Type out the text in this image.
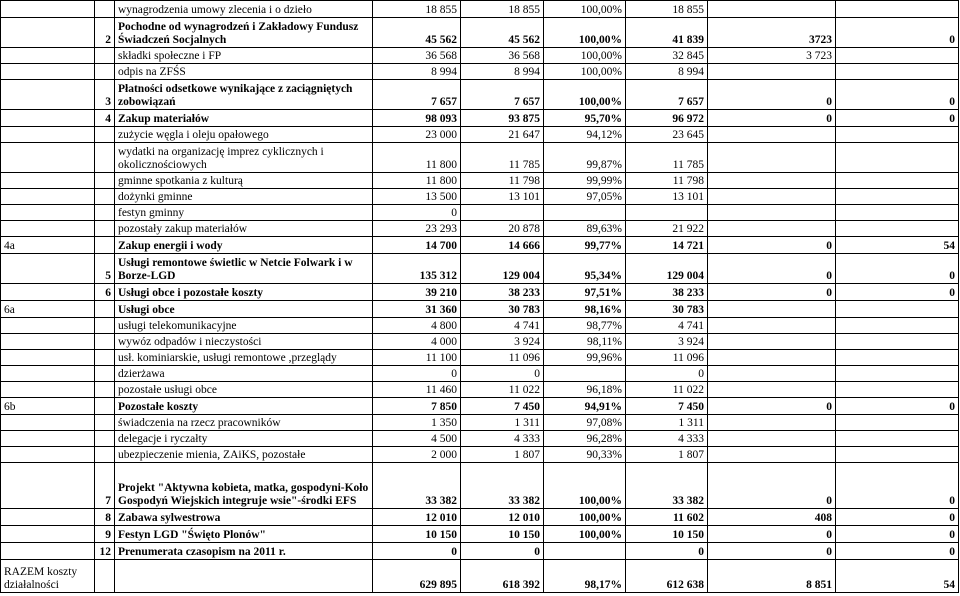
		wynagrodzenia umowy zlecenia i o dzieło	18 855	18 855	100,00%	18 855		
	2	Pochodne od wynagrodzeń i Zakładowy Fundusz Świadczeń Socjalnych	45 562	45 562	100,00%	41 839	3723	0
		składki społeczne i FP	36 568	36 568	100,00%	32 845	3 723	
		odpis na ZFŚS	8 994	8 994	100,00%	8 994		
	3	Płatności odsetkowe wynikające z zaciągniętych zobowiązań	7 657	7 657	100,00%	7 657	0	0
	4	Zakup materiałów	98 093	93 875	95,70%	96 972	0	0
		zużycie węgla i oleju opałowego	23 000	21 647	94,12%	23 645		
		wydatki na organizację imprez cyklicznych i okolicznościowych	11 800	11 785	99,87%	11 785		
		gminne spotkania z kulturą	11 800	11 798	99,99%	11 798		
		dożynki gminne	13 500	13 101	97,05%	13 101		
		festyn gminny	0					
		pozostały zakup materiałów	23 293	20 878	89,63%	21 922		
4a		Zakup energii i wody	14 700	14 666	99,77%	14 721	0	54
	5	Usługi remontowe świetlic w Netcie Folwark i w Borze-LGD	135 312	129 004	95,34%	129 004	0	0
	6	Usługi obce i pozostałe koszty	39 210	38 233	97,51%	38 233	0	0
6a		Usługi obce	31 360	30 783	98,16%	30 783		
		usługi telekomunikacyjne	4 800	4 741	98,77%	4 741		
		wywóz odpadów i nieczystości	4 000	3 924	98,11%	3 924		
		usł. kominiarskie, usługi remontowe ,przeglądy	11 100	11 096	99,96%	11 096		
		dzierżawa	0	0		0		
		pozostałe usługi obce	11 460	11 022	96,18%	11 022		
6b		Pozostałe koszty	7 850	7 450	94,91%	7 450	0	0
		świadczenia na rzecz pracowników	1 350	1 311	97,08%	1 311		
		delegacje i ryczałty	4 500	4 333	96,28%	4 333		
		ubezpieczenie mienia, ZAiKS, pozostałe	2 000	1 807	90,33%	1 807		
	7	Projekt "Aktywna kobieta, matka, gospodyni-Koło Gospodyń Wiejskich integruje wsie"-środki EFS	33 382	33 382	100,00%	33 382	0	0
	8	Zabawa sylwestrowa	12 010	12 010	100,00%	11 602	408	0
	9	Festyn LGD "Święto Plonów"	10 150	10 150	100,00%	10 150	0	0
	12	Prenumerata czasopism na 2011 r.	0	0		0	0	0
RAZEM koszty działalności			629 895	618 392	98,17%	612 638	8 851	54
